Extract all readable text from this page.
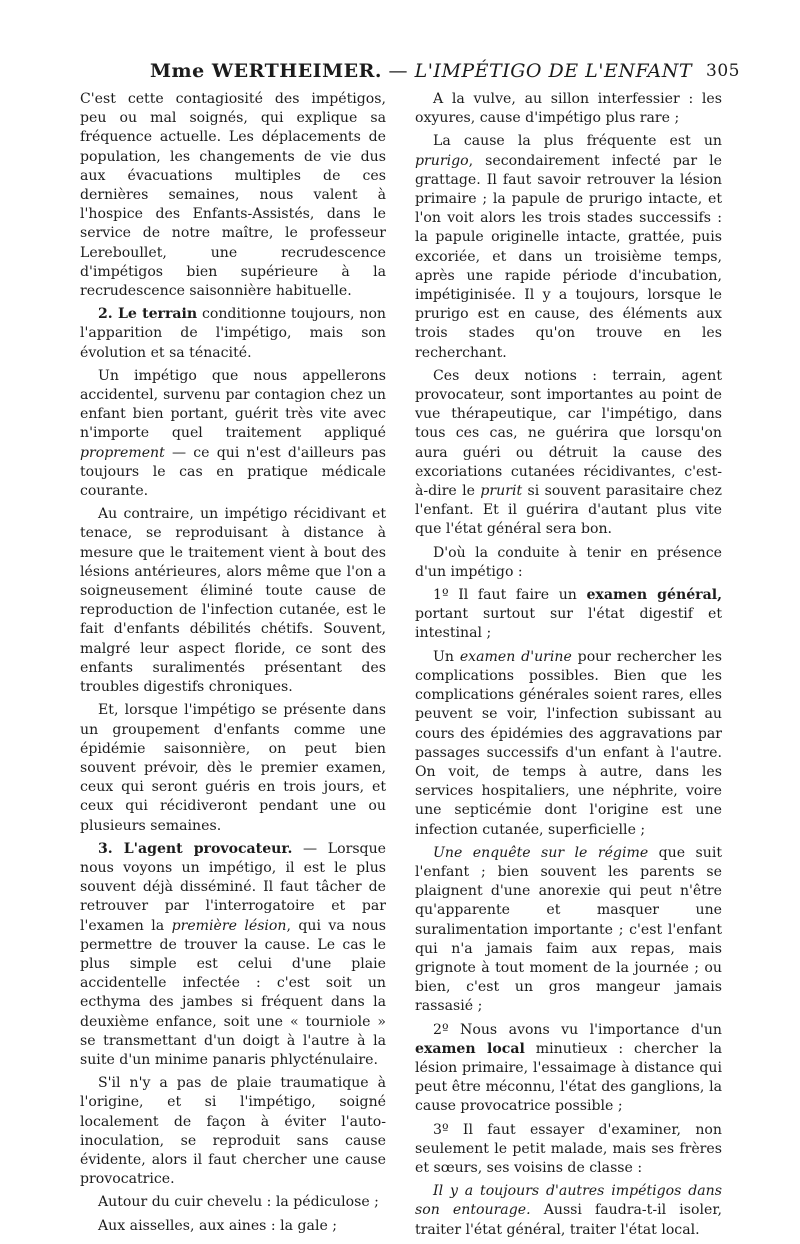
Mme WERTHEIMER. — L'IMPÉTIGO DE L'ENFANT 305

C'est cette contagiosité des impétigos, peu ou mal soignés, qui explique sa fréquence actuelle. Les déplacements de population, les changements de vie dus aux évacuations multiples de ces dernières semaines, nous valent à l'hospice des Enfants-Assistés, dans le service de notre maître, le professeur Lereboullet, une recrudescence d'impétigos bien supérieure à la recrudescence saisonnière habituelle.

2. Le terrain conditionne toujours, non l'apparition de l'impétigo, mais son évolution et sa ténacité.

Un impétigo que nous appellerons accidentel, survenu par contagion chez un enfant bien portant, guérit très vite avec n'importe quel traitement appliqué proprement — ce qui n'est d'ailleurs pas toujours le cas en pratique médicale courante.

Au contraire, un impétigo récidivant et tenace, se reproduisant à distance à mesure que le traitement vient à bout des lésions antérieures, alors même que l'on a soigneusement éliminé toute cause de reproduction de l'infection cutanée, est le fait d'enfants débilités chétifs. Souvent, malgré leur aspect floride, ce sont des enfants suralimentés présentant des troubles digestifs chroniques.

Et, lorsque l'impétigo se présente dans un groupement d'enfants comme une épidémie saisonnière, on peut bien souvent prévoir, dès le premier examen, ceux qui seront guéris en trois jours, et ceux qui récidiveront pendant une ou plusieurs semaines.

3. L'agent provocateur. — Lorsque nous voyons un impétigo, il est le plus souvent déjà disséminé. Il faut tâcher de retrouver par l'interrogatoire et par l'examen la première lésion, qui va nous permettre de trouver la cause. Le cas le plus simple est celui d'une plaie accidentelle infectée : c'est soit un ecthyma des jambes si fréquent dans la deuxième enfance, soit une « tourniole » se transmettant d'un doigt à l'autre à la suite d'un minime panaris phlycténulaire.

S'il n'y a pas de plaie traumatique à l'origine, et si l'impétigo, soigné localement de façon à éviter l'auto-inoculation, se reproduit sans cause évidente, alors il faut chercher une cause provocatrice.

Autour du cuir chevelu : la pédiculose ;

Aux aisselles, aux aines : la gale ;

A la vulve, au sillon interfessier : les oxyures, cause d'impétigo plus rare ;

La cause la plus fréquente est un prurigo, secondairement infecté par le grattage. Il faut savoir retrouver la lésion primaire ; la papule de prurigo intacte, et l'on voit alors les trois stades successifs : la papule originelle intacte, grattée, puis excoriée, et dans un troisième temps, après une rapide période d'incubation, impétiginisée. Il y a toujours, lorsque le prurigo est en cause, des éléments aux trois stades qu'on trouve en les recherchant.

Ces deux notions : terrain, agent provocateur, sont importantes au point de vue thérapeutique, car l'impétigo, dans tous ces cas, ne guérira que lorsqu'on aura guéri ou détruit la cause des excoriations cutanées récidivantes, c'est-à-dire le prurit si souvent parasitaire chez l'enfant. Et il guérira d'autant plus vite que l'état général sera bon.

D'où la conduite à tenir en présence d'un impétigo :

1º Il faut faire un examen général, portant surtout sur l'état digestif et intestinal ;

Un examen d'urine pour rechercher les complications possibles. Bien que les complications générales soient rares, elles peuvent se voir, l'infection subissant au cours des épidémies des aggravations par passages successifs d'un enfant à l'autre. On voit, de temps à autre, dans les services hospitaliers, une néphrite, voire une septicémie dont l'origine est une infection cutanée, superficielle ;

Une enquête sur le régime que suit l'enfant ; bien souvent les parents se plaignent d'une anorexie qui peut n'être qu'apparente et masquer une suralimentation importante ; c'est l'enfant qui n'a jamais faim aux repas, mais grignote à tout moment de la journée ; ou bien, c'est un gros mangeur jamais rassasié ;

2º Nous avons vu l'importance d'un examen local minutieux : chercher la lésion primaire, l'essaimage à distance qui peut être méconnu, l'état des ganglions, la cause provocatrice possible ;

3º Il faut essayer d'examiner, non seulement le petit malade, mais ses frères et sœurs, ses voisins de classe :

Il y a toujours d'autres impétigos dans son entourage. Aussi faudra-t-il isoler, traiter l'état général, traiter l'état local.
